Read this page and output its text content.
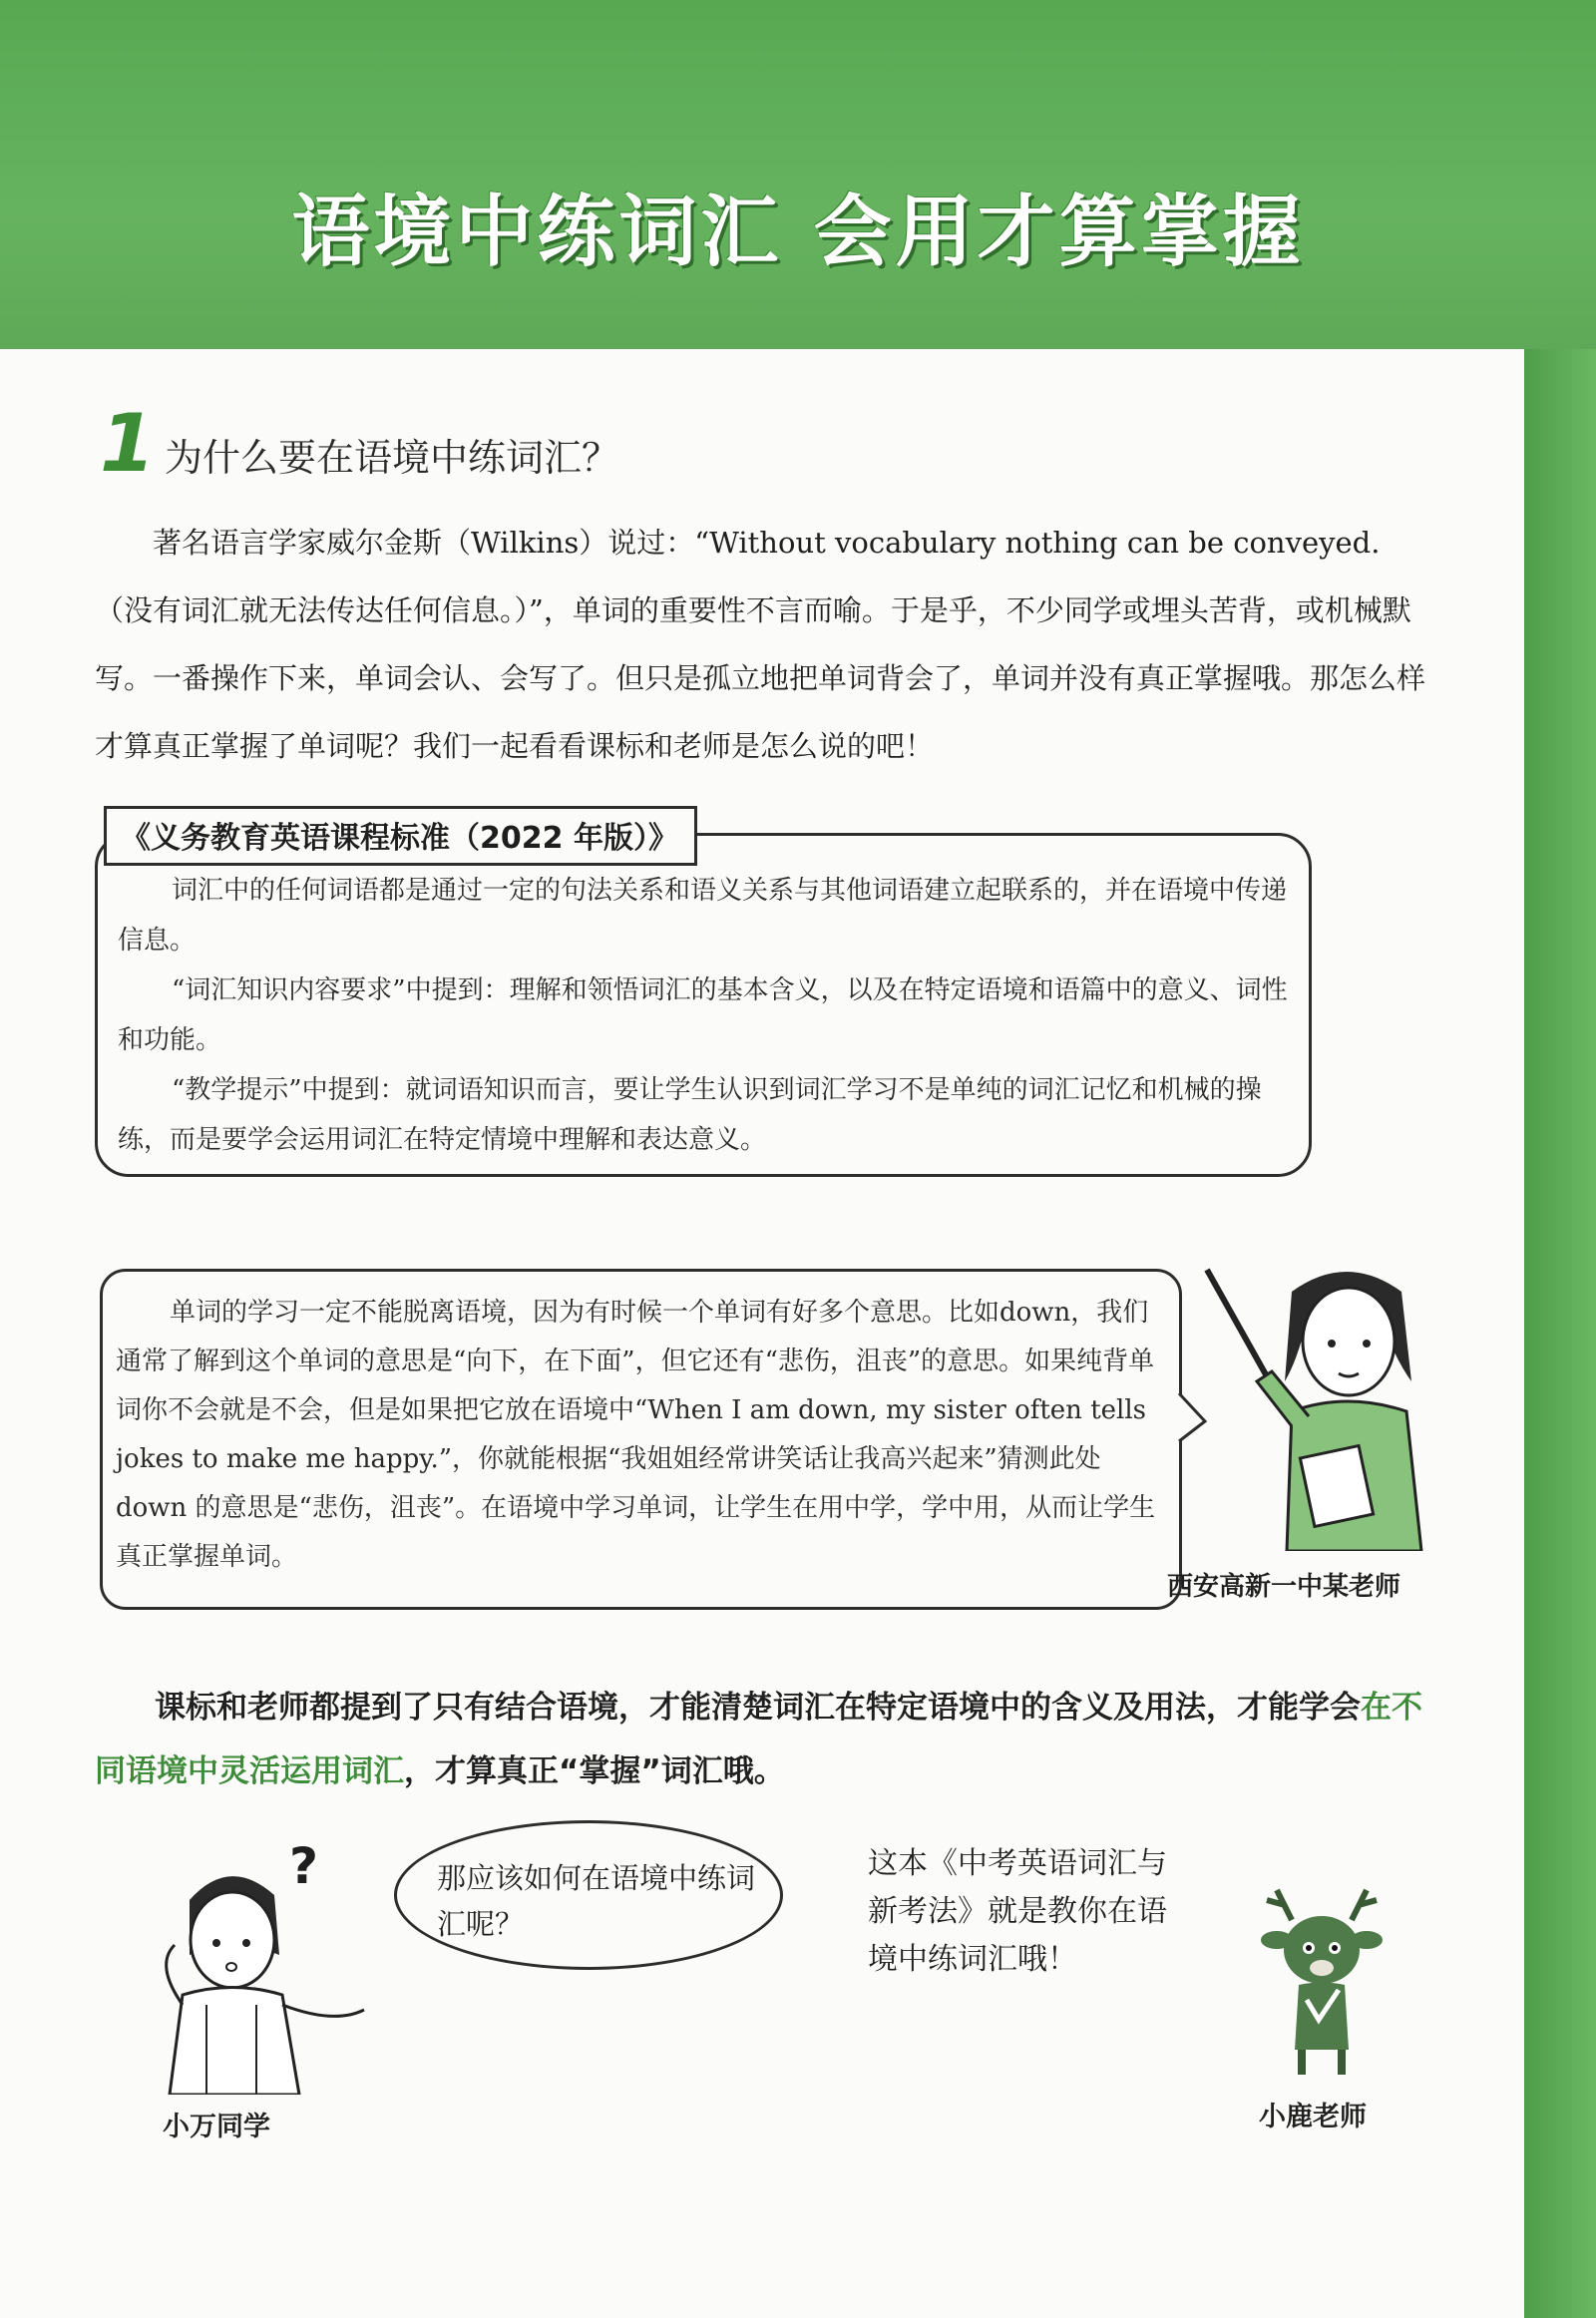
语境中练词汇 会用才算掌握
1 为什么要在语境中练词汇？

著名语言学家威尔金斯（Wilkins）说过：“Without vocabulary nothing can be conveyed.（没有词汇就无法传达任何信息。）”，单词的重要性不言而喻。于是乎，不少同学或埋头苦背，或机械默写。一番操作下来，单词会认、会写了。但只是孤立地把单词背会了，单词并没有真正掌握哦。那怎么样才算真正掌握了单词呢？我们一起看看课标和老师是怎么说的吧！

《义务教育英语课程标准（2022 年版）》

词汇中的任何词语都是通过一定的句法关系和语义关系与其他词语建立起联系的，并在语境中传递信息。

“词汇知识内容要求”中提到：理解和领悟词汇的基本含义，以及在特定语境和语篇中的意义、词性和功能。

“教学提示”中提到：就词语知识而言，要让学生认识到词汇学习不是单纯的词汇记忆和机械的操练，而是要学会运用词汇在特定情境中理解和表达意义。

单词的学习一定不能脱离语境，因为有时候一个单词有好多个意思。比如down，我们通常了解到这个单词的意思是“向下，在下面”，但它还有“悲伤，沮丧”的意思。如果纯背单词你不会就是不会，但是如果把它放在语境中“When I am down, my sister often tells jokes to make me happy.”，你就能根据“我姐姐经常讲笑话让我高兴起来”猜测此处 down 的意思是“悲伤，沮丧”。在语境中学习单词，让学生在用中学，学中用，从而让学生真正掌握单词。

西安高新一中某老师

课标和老师都提到了只有结合语境，才能清楚词汇在特定语境中的含义及用法，才能学会在不同语境中灵活运用词汇，才算真正“掌握”词汇哦。

?	那应该如何在语境中练词汇呢？
小万同学
这本《中考英语词汇与新考法》就是教你在语境中练词汇哦！
小鹿老师
